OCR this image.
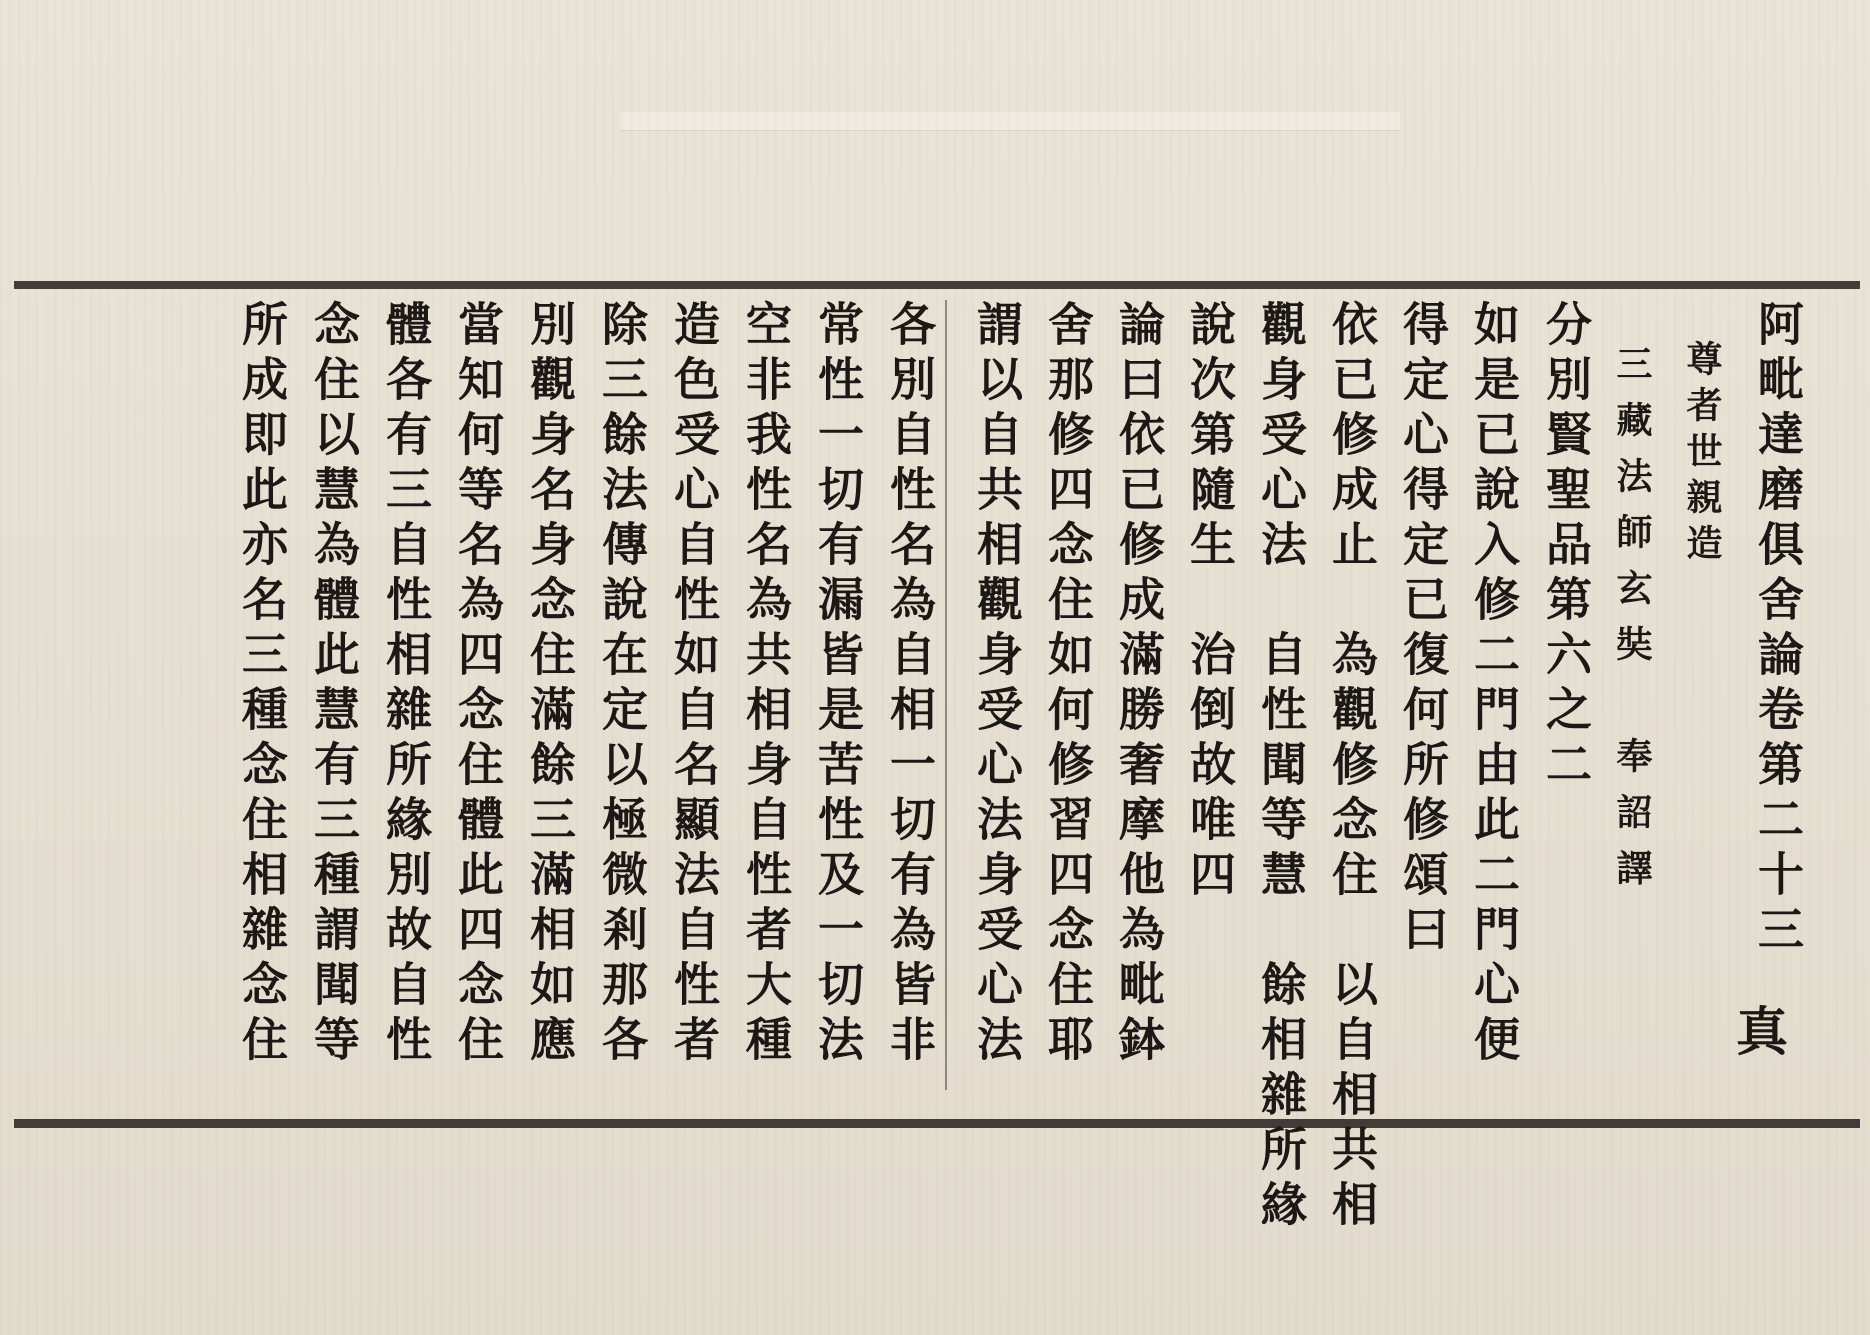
阿毗達磨俱舍論卷第二十三
尊者世親造
三藏法師玄奘　奉詔譯
分別賢聖品第六之二
真
如是已說入修二門由此二門心便
得定心得定已復何所修頌曰
依已修成止　為觀修念住　以自相共相
觀身受心法　自性聞等慧　餘相雜所緣
說次第隨生　治倒故唯四
論曰依已修成滿勝奢摩他為毗鉢
舍那修四念住如何修習四念住耶
謂以自共相觀身受心法身受心法
各別自性名為自相一切有為皆非
常性一切有漏皆是苦性及一切法
空非我性名為共相身自性者大種
造色受心自性如自名顯法自性者
除三餘法傳說在定以極微剎那各
別觀身名身念住滿餘三滿相如應
當知何等名為四念住體此四念住
體各有三自性相雜所緣別故自性
念住以慧為體此慧有三種謂聞等
所成即此亦名三種念住相雜念住
